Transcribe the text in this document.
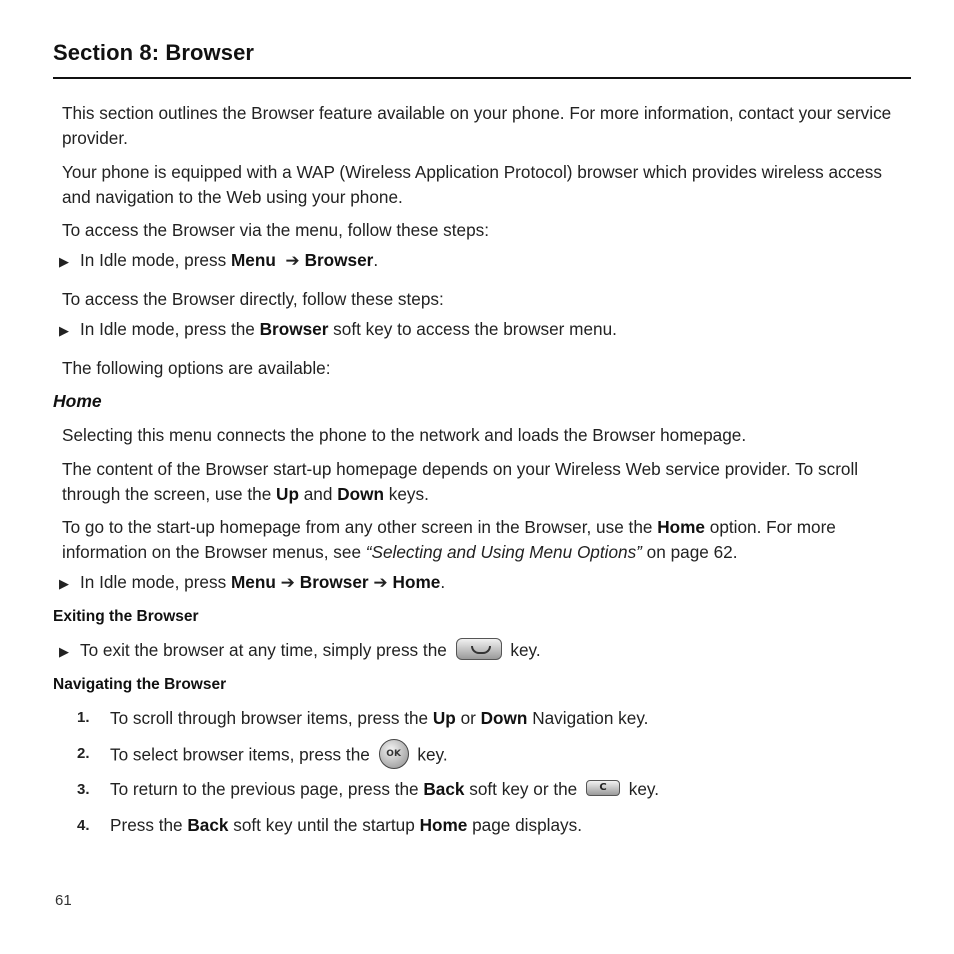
Section 8: Browser
This section outlines the Browser feature available on your phone. For more information, contact your service provider.
Your phone is equipped with a WAP (Wireless Application Protocol) browser which provides wireless access and navigation to the Web using your phone.
To access the Browser via the menu, follow these steps:
▶ In Idle mode, press Menu ➔ Browser.
To access the Browser directly, follow these steps:
▶ In Idle mode, press the Browser soft key to access the browser menu.
The following options are available:
Home
Selecting this menu connects the phone to the network and loads the Browser homepage.
The content of the Browser start-up homepage depends on your Wireless Web service provider. To scroll through the screen, use the Up and Down keys.
To go to the start-up homepage from any other screen in the Browser, use the Home option. For more information on the Browser menus, see “Selecting and Using Menu Options” on page 62.
▶ In Idle mode, press Menu ➔ Browser ➔ Home.
Exiting the Browser
▶ To exit the browser at any time, simply press the	key.
Navigating the Browser
1. To scroll through browser items, press the Up or Down Navigation key.
2. To select browser items, press the OK key.
3. To return to the previous page, press the Back soft key or the C key.
4. Press the Back soft key until the startup Home page displays.
61
